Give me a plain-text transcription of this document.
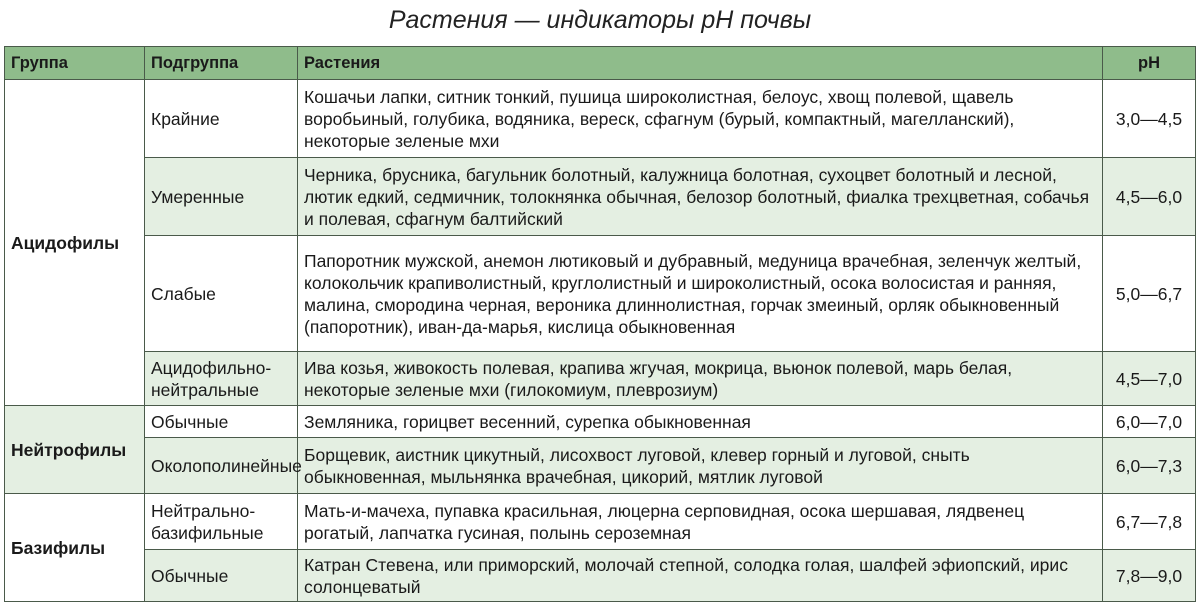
Растения — индикаторы pH почвы
Группа	Подгруппа	Растения	pH
Ацидофилы	Крайние	Кошачьи лапки, ситник тонкий, пушица широколистная, белоус, хвощ полевой, щавель воробьиный, голубика, водяника, вереск, сфагнум (бурый, компактный, магелланский), некоторые зеленые мхи	3,0—4,5
	Умеренные	Черника, брусника, багульник болотный, калужница болотная, сухоцвет болотный и лесной, лютик едкий, седмичник, толокнянка обычная, белозор болотный, фиалка трехцветная, собачья и полевая, сфагнум балтийский	4,5—6,0
	Слабые	Папоротник мужской, анемон лютиковый и дубравный, медуница врачебная, зеленчук желтый, колокольчик крапиволистный, круглолистный и широколистный, осока волосистая и ранняя, малина, смородина черная, вероника длиннолистная, горчак змеиный, орляк обыкновенный (папоротник), иван-да-марья, кислица обыкновенная	5,0—6,7
	Ацидофильно-нейтральные	Ива козья, живокость полевая, крапива жгучая, мокрица, вьюнок полевой, марь белая, некоторые зеленые мхи (гилокомиум, плеврозиум)	4,5—7,0
Нейтрофилы	Обычные	Земляника, горицвет весенний, сурепка обыкновенная	6,0—7,0
	Околополинейные	Борщевик, аистник цикутный, лисохвост луговой, клевер горный и луговой, сныть обыкновенная, мыльнянка врачебная, цикорий, мятлик луговой	6,0—7,3
Базифилы	Нейтрально-базифильные	Мать-и-мачеха, пупавка красильная, люцерна серповидная, осока шершавая, лядвенец рогатый, лапчатка гусиная, полынь сероземная	6,7—7,8
	Обычные	Катран Стевена, или приморский, молочай степной, солодка голая, шалфей эфиопский, ирис солонцеватый	7,8—9,0
